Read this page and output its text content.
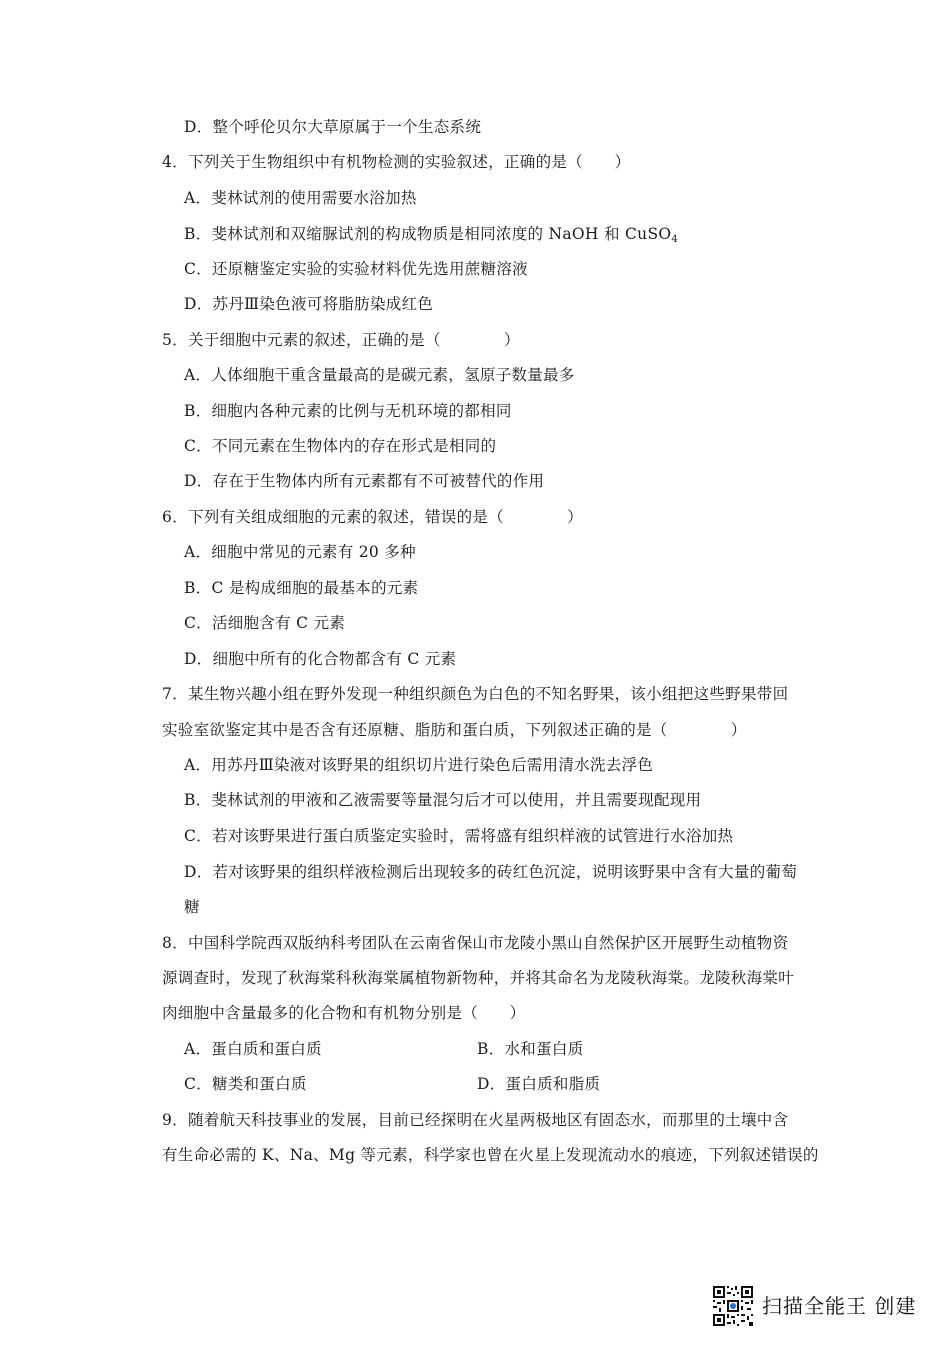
D．整个呼伦贝尔大草原属于一个生态系统
4．下列关于生物组织中有机物检测的实验叙述，正确的是（　　）
A．斐林试剂的使用需要水浴加热
B．斐林试剂和双缩脲试剂的构成物质是相同浓度的 NaOH 和 CuSO$_4$
C．还原糖鉴定实验的实验材料优先选用蔗糖溶液
D．苏丹Ⅲ染色液可将脂肪染成红色
5．关于细胞中元素的叙述，正确的是（　　　　）
A．人体细胞干重含量最高的是碳元素，氢原子数量最多
B．细胞内各种元素的比例与无机环境的都相同
C．不同元素在生物体内的存在形式是相同的
D．存在于生物体内所有元素都有不可被替代的作用
6．下列有关组成细胞的元素的叙述，错误的是（　　　　）
A．细胞中常见的元素有 20 多种
B．C 是构成细胞的最基本的元素
C．活细胞含有 C 元素
D．细胞中所有的化合物都含有 C 元素
7．某生物兴趣小组在野外发现一种组织颜色为白色的不知名野果，该小组把这些野果带回
实验室欲鉴定其中是否含有还原糖、脂肪和蛋白质，下列叙述正确的是（　　　　）
A．用苏丹Ⅲ染液对该野果的组织切片进行染色后需用清水洗去浮色
B．斐林试剂的甲液和乙液需要等量混匀后才可以使用，并且需要现配现用
C．若对该野果进行蛋白质鉴定实验时，需将盛有组织样液的试管进行水浴加热
D．若对该野果的组织样液检测后出现较多的砖红色沉淀，说明该野果中含有大量的葡萄
糖
8．中国科学院西双版纳科考团队在云南省保山市龙陵小黑山自然保护区开展野生动植物资
源调查时，发现了秋海棠科秋海棠属植物新物种，并将其命名为龙陵秋海棠。龙陵秋海棠叶
肉细胞中含量最多的化合物和有机物分别是（　　）
A．蛋白质和蛋白质	B．水和蛋白质
C．糖类和蛋白质	D．蛋白质和脂质
9．随着航天科技事业的发展，目前已经探明在火星两极地区有固态水，而那里的土壤中含
有生命必需的 K、Na、Mg 等元素，科学家也曾在火星上发现流动水的痕迹，下列叙述错误的
扫描全能王 创建
